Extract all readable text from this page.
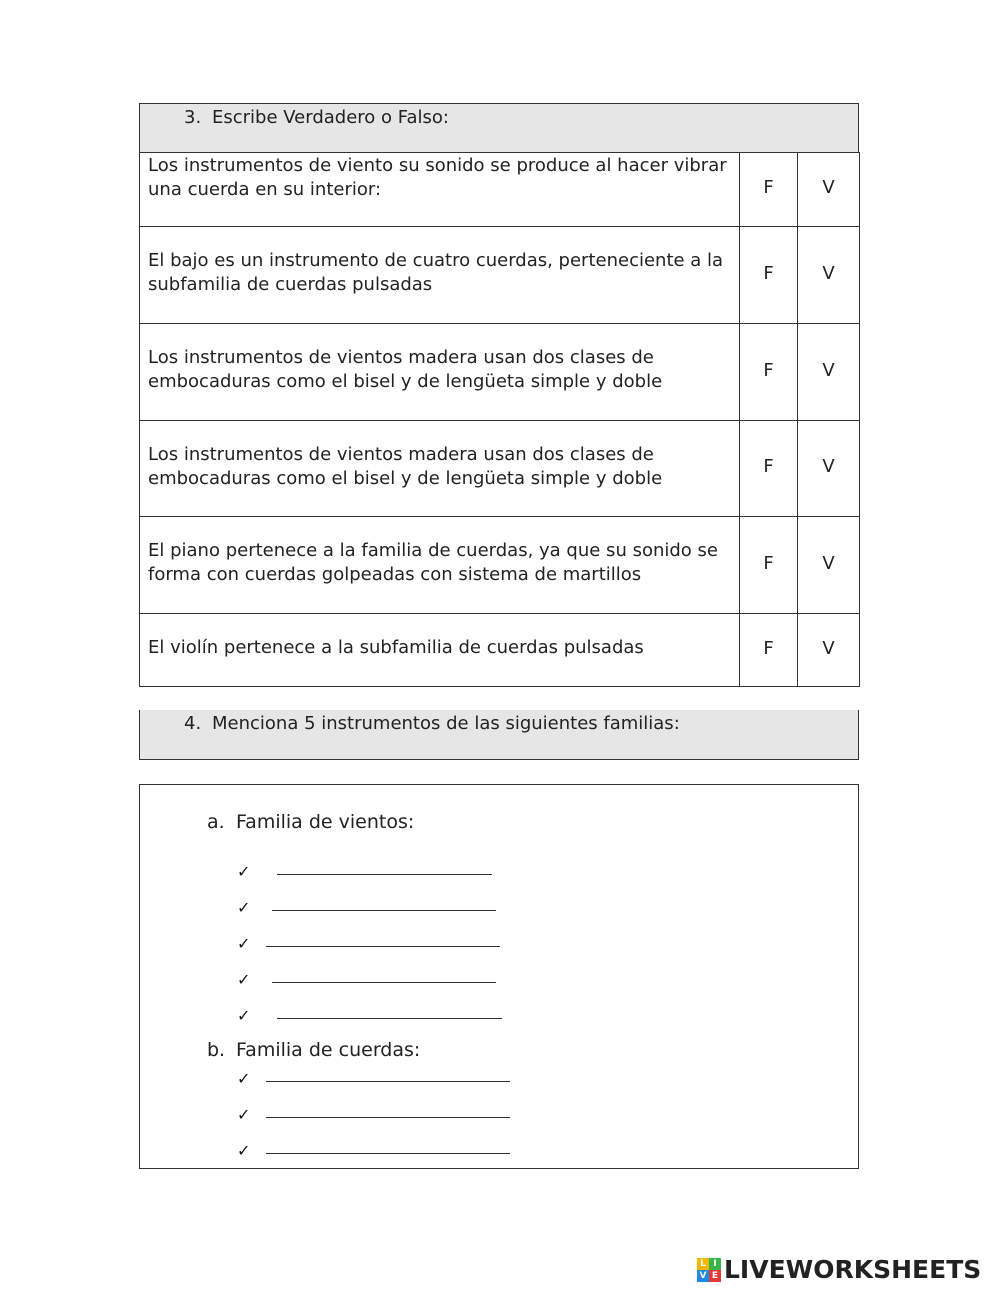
3. Escribe Verdadero o Falso:
Los instrumentos de viento su sonido se produce al hacer vibrar una cuerda en su interior:	F	V
El bajo es un instrumento de cuatro cuerdas, perteneciente a la subfamilia de cuerdas pulsadas	F	V
Los instrumentos de vientos madera usan dos clases de embocaduras como el bisel y de lengüeta simple y doble	F	V
Los instrumentos de vientos madera usan dos clases de embocaduras como el bisel y de lengüeta simple y doble	F	V
El piano pertenece a la familia de cuerdas, ya que su sonido se forma con cuerdas golpeadas con sistema de martillos	F	V
El violín pertenece a la subfamilia de cuerdas pulsadas	F	V
4. Menciona 5 instrumentos de las siguientes familias:
a. Familia de vientos:
✓
✓
✓
✓
✓
b. Familia de cuerdas:
✓
✓
✓
L I
V E LIVEWORKSHEETS
